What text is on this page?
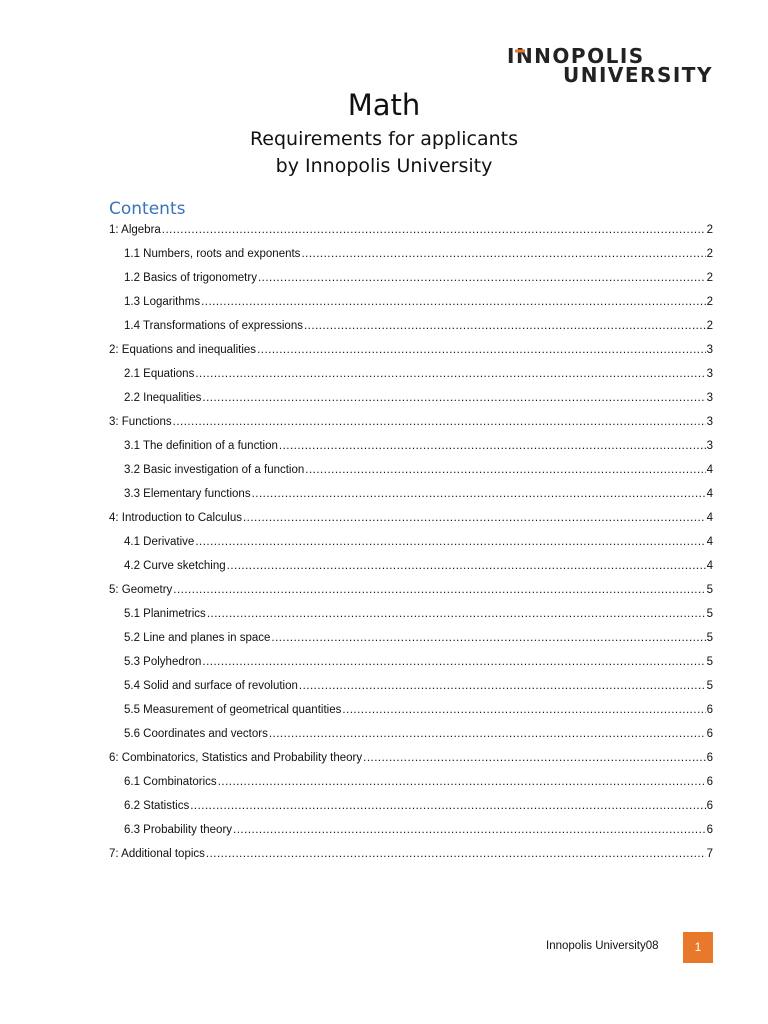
INNOPOLIS
UNIVERSITY
Math
Requirements for applicants
by Innopolis University
Contents
1: Algebra .....	2
1.1 Numbers, roots and exponents .....	2
1.2 Basics of trigonometry .....	2
1.3 Logarithms .....	2
1.4 Transformations of expressions .....	2
2: Equations and inequalities .....	3
2.1 Equations .....	3
2.2 Inequalities .....	3
3: Functions .....	3
3.1 The definition of a function .....	3
3.2 Basic investigation of a function .....	4
3.3 Elementary functions .....	4
4: Introduction to Calculus .....	4
4.1 Derivative .....	4
4.2 Curve sketching .....	4
5: Geometry .....	5
5.1 Planimetrics .....	5
5.2 Line and planes in space .....	5
5.3 Polyhedron .....	5
5.4 Solid and surface of revolution .....	5
5.5 Measurement of geometrical quantities .....	6
5.6 Coordinates and vectors .....	6
6: Combinatorics, Statistics and Probability theory .....	6
6.1 Combinatorics .....	6
6.2 Statistics .....	6
6.3 Probability theory .....	6
7: Additional topics .....	7
Innopolis University08	1
